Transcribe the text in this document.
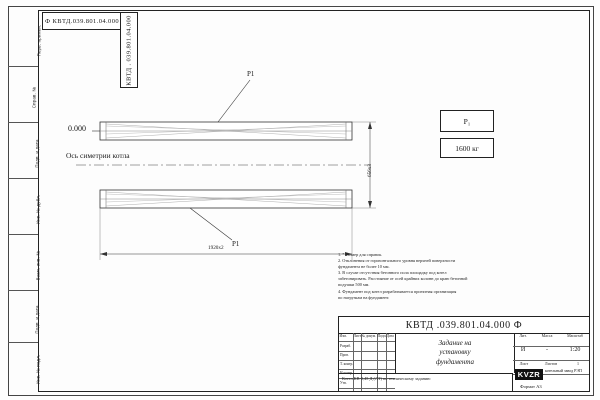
Перв. примен.
Справ. №
Подп. и дата
Инв. № дубл.
Взам. инв. №
Подп. и дата
Инв. № подл.
Ф КВТД.039.801.04.000 КВТД . 039.801.04.000
0.000
Ось симетрии котла
Р1
Р1
1920x2
656x3
Р₁
1600 кг
1. * Размер для справок.
2. Отклонения от горизонтального уровня верхней поверхности
фундамента не более 10 мм.
3. В случае отсутствия бетонного пола площадку под котел
забетонировать. Расстояние от осей крайних колонн до краю бетонной
подушки 500 мм.
4. Фундамент под котел разрабатывается проектная организация
по нагрузкам на фундамент.
КВТД .039.801.04.000 Ф
Задание на
установку
фундамента
Изм. Лист № докум. Подп. Дата
Разраб.
Пров.
Т. контр.
Н.контр.
Утв.
Лит.	Масса	Масштаб
И	-	1:20
Лист	Листов	1
Котел КВ-0,45 Д (ЛТ) по техническому заданию	KVZR	котельный завод РЭП
Формат А3
